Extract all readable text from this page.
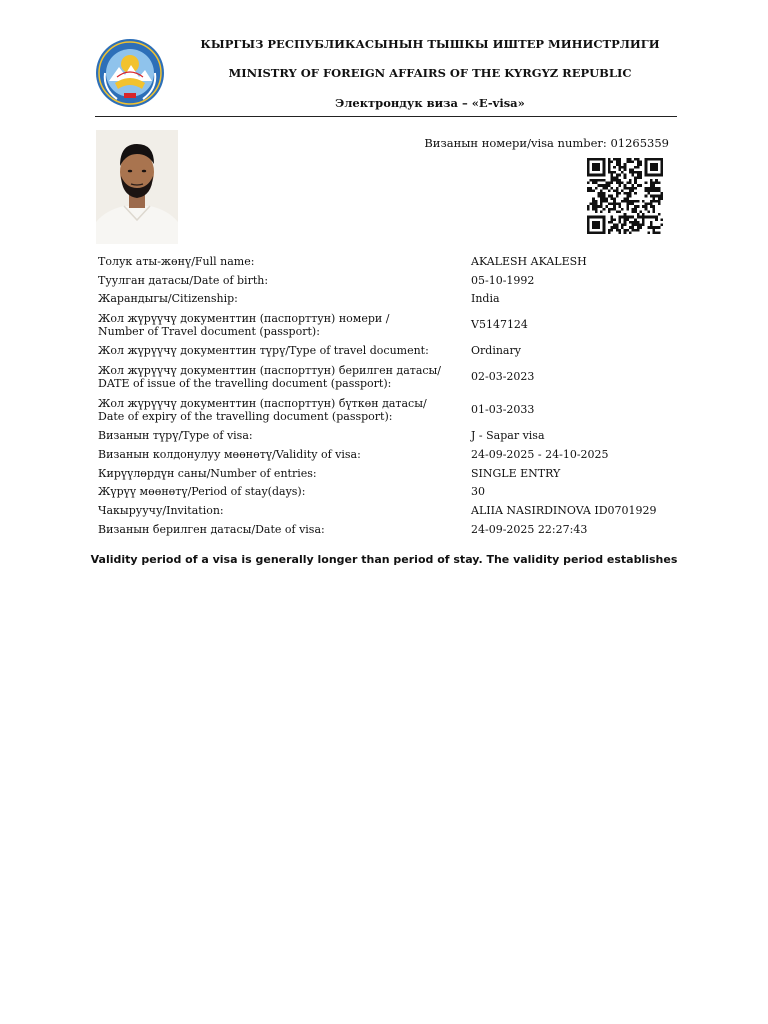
КЫРГЫЗ РЕСПУБЛИКАСЫНЫН ТЫШКЫ ИШТЕР МИНИСТРЛИГИ
MINISTRY OF FOREIGN AFFAIRS OF THE KYRGYZ REPUBLIC
Электрондук виза – «E-visa»
Визанын номери/visa number: 01265359
Толук аты-жөнү/Full name:	AKALESH AKALESH
Туулган датасы/Date of birth:	05-10-1992
Жарандыгы/Citizenship:	India
Жол жүрүүчү документтин (паспорттун) номери /
Number of Travel document (passport):	V5147124
Жол жүрүүчү документтин түрү/Type of travel document:	Ordinary
Жол жүрүүчү документтин (паспорттун) берилген датасы/
DATE of issue of the travelling document (passport):	02-03-2023
Жол жүрүүчү документтин (паспорттун) бүткөн датасы/
Date of expiry of the travelling document (passport):	01-03-2033
Визанын түрү/Type of visa:	J - Sapar visa
Визанын колдонулуу мөөнөтү/Validity of visa:	24-09-2025 - 24-10-2025
Кирүүлөрдүн саны/Number of entries:	SINGLE ENTRY
Жүрүү мөөнөтү/Period of stay(days):	30
Чакыруучу/Invitation:	ALIIA NASIRDINOVA ID0701929
Визанын берилген датасы/Date of visa:	24-09-2025 22:27:43
Validity period of a visa is generally longer than period of stay. The validity period establishes
